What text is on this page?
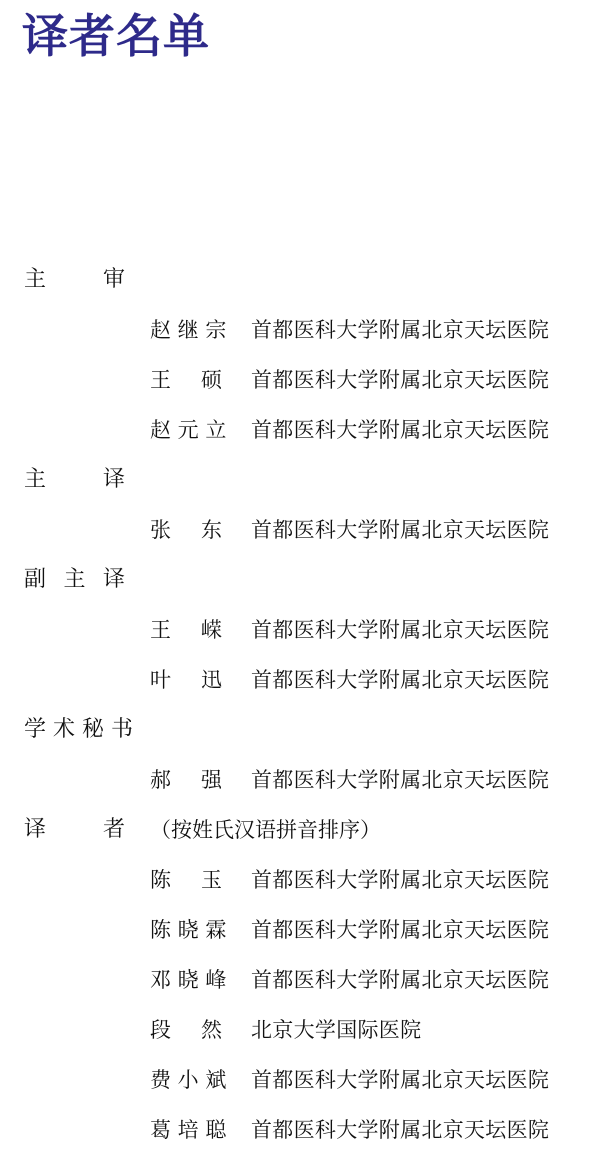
译者名单
主 审
赵 继 宗 首都医科大学附属北京天坛医院
王 硕 首都医科大学附属北京天坛医院
赵 元 立 首都医科大学附属北京天坛医院
主 译
张 东 首都医科大学附属北京天坛医院
副 主 译
王 嵘 首都医科大学附属北京天坛医院
叶 迅 首都医科大学附属北京天坛医院
学 术 秘 书
郝 强 首都医科大学附属北京天坛医院
译 者 （按姓氏汉语拼音排序）
陈 玉 首都医科大学附属北京天坛医院
陈 晓 霖 首都医科大学附属北京天坛医院
邓 晓 峰 首都医科大学附属北京天坛医院
段 然 北京大学国际医院
费 小 斌 首都医科大学附属北京天坛医院
葛 培 聪 首都医科大学附属北京天坛医院
